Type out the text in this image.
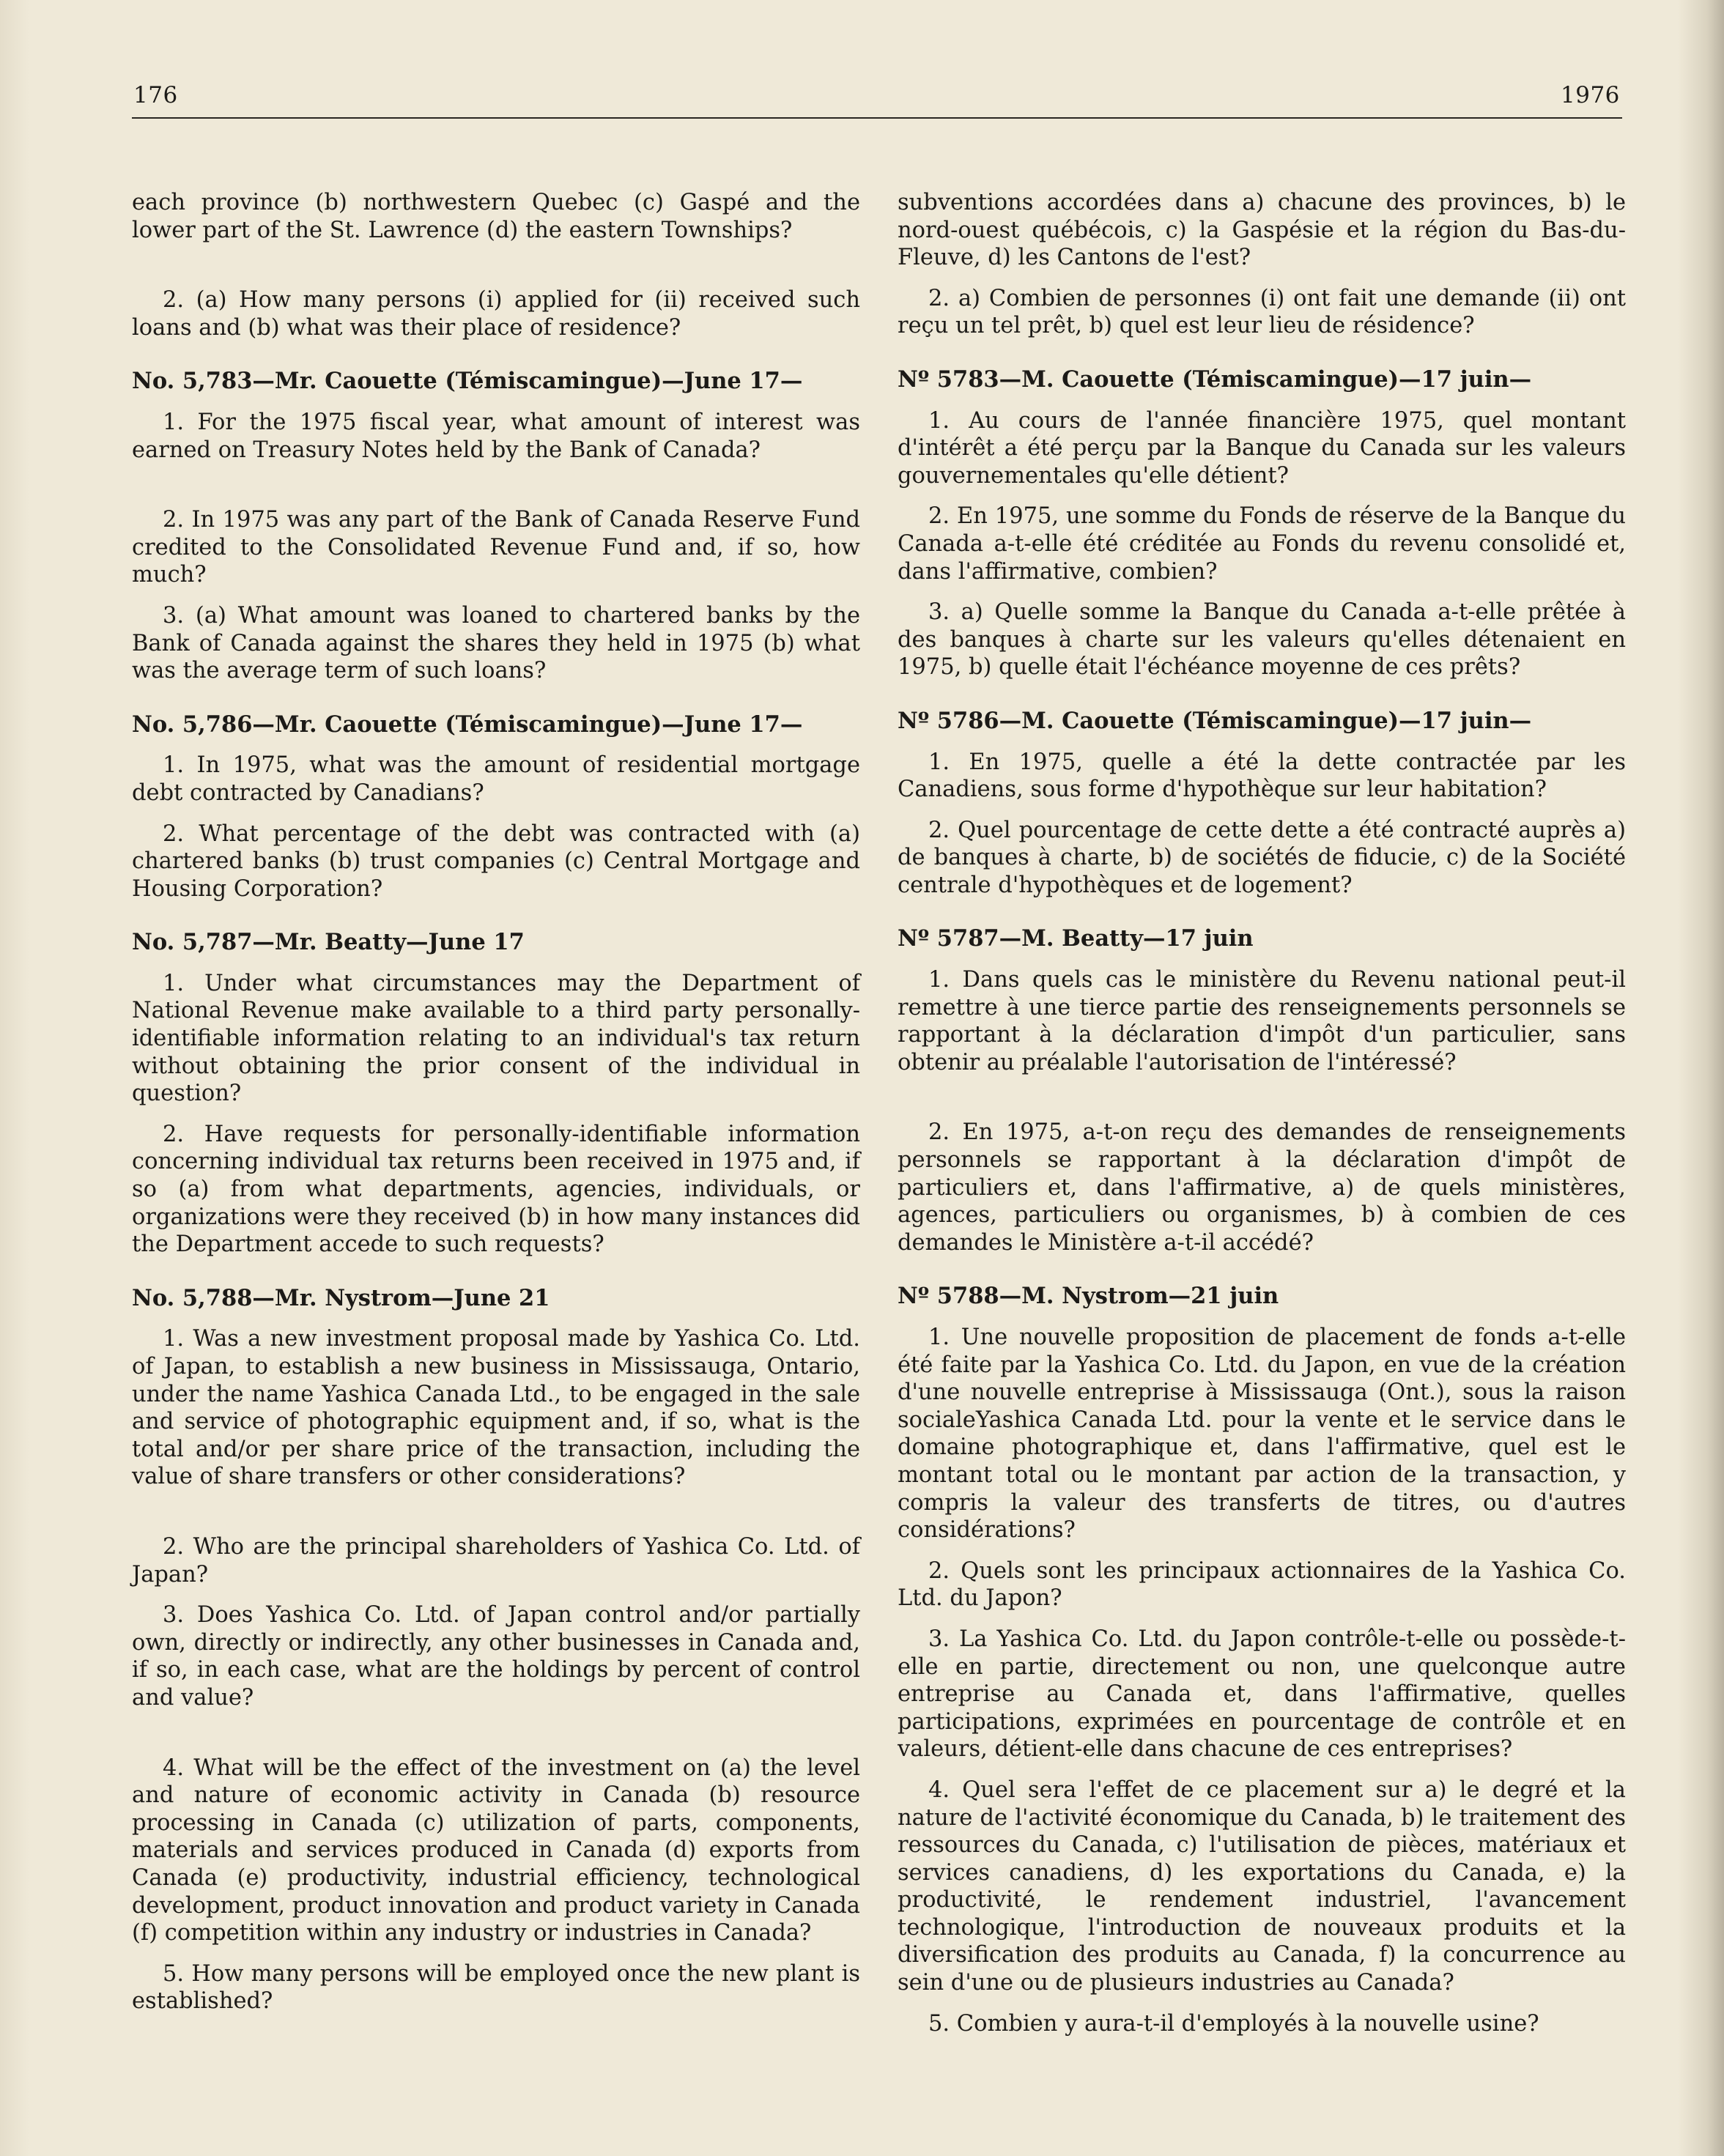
176	1976

each province (b) northwestern Quebec (c) Gaspé and the lower part of the St. Lawrence (d) the eastern Townships?

2. (a) How many persons (i) applied for (ii) received such loans and (b) what was their place of residence?

No. 5,783—Mr. Caouette (Témiscamingue)—June 17—

1. For the 1975 fiscal year, what amount of interest was earned on Treasury Notes held by the Bank of Canada?

2. In 1975 was any part of the Bank of Canada Reserve Fund credited to the Consolidated Revenue Fund and, if so, how much?

3. (a) What amount was loaned to chartered banks by the Bank of Canada against the shares they held in 1975 (b) what was the average term of such loans?

No. 5,786—Mr. Caouette (Témiscamingue)—June 17—

1. In 1975, what was the amount of residential mortgage debt contracted by Canadians?

2. What percentage of the debt was contracted with (a) chartered banks (b) trust companies (c) Central Mortgage and Housing Corporation?

No. 5,787—Mr. Beatty—June 17

1. Under what circumstances may the Department of National Revenue make available to a third party personally-identifiable information relating to an individual's tax return without obtaining the prior consent of the individual in question?

2. Have requests for personally-identifiable information concerning individual tax returns been received in 1975 and, if so (a) from what departments, agencies, individuals, or organizations were they received (b) in how many instances did the Department accede to such requests?

No. 5,788—Mr. Nystrom—June 21

1. Was a new investment proposal made by Yashica Co. Ltd. of Japan, to establish a new business in Mississauga, Ontario, under the name Yashica Canada Ltd., to be engaged in the sale and service of photographic equipment and, if so, what is the total and/or per share price of the transaction, including the value of share transfers or other considerations?

2. Who are the principal shareholders of Yashica Co. Ltd. of Japan?

3. Does Yashica Co. Ltd. of Japan control and/or partially own, directly or indirectly, any other businesses in Canada and, if so, in each case, what are the holdings by percent of control and value?

4. What will be the effect of the investment on (a) the level and nature of economic activity in Canada (b) resource processing in Canada (c) utilization of parts, components, materials and services produced in Canada (d) exports from Canada (e) productivity, industrial efficiency, technological development, product innovation and product variety in Canada (f) competition within any industry or industries in Canada?

5. How many persons will be employed once the new plant is established?

subventions accordées dans a) chacune des provinces, b) le nord-ouest québécois, c) la Gaspésie et la région du Bas-du-Fleuve, d) les Cantons de l'est?

2. a) Combien de personnes (i) ont fait une demande (ii) ont reçu un tel prêt, b) quel est leur lieu de résidence?

Nº 5783—M. Caouette (Témiscamingue)—17 juin—

1. Au cours de l'année financière 1975, quel montant d'intérêt a été perçu par la Banque du Canada sur les valeurs gouvernementales qu'elle détient?

2. En 1975, une somme du Fonds de réserve de la Banque du Canada a-t-elle été créditée au Fonds du revenu consolidé et, dans l'affirmative, combien?

3. a) Quelle somme la Banque du Canada a-t-elle prêtée à des banques à charte sur les valeurs qu'elles détenaient en 1975, b) quelle était l'échéance moyenne de ces prêts?

Nº 5786—M. Caouette (Témiscamingue)—17 juin—

1. En 1975, quelle a été la dette contractée par les Canadiens, sous forme d'hypothèque sur leur habitation?

2. Quel pourcentage de cette dette a été contracté auprès a) de banques à charte, b) de sociétés de fiducie, c) de la Société centrale d'hypothèques et de logement?

Nº 5787—M. Beatty—17 juin

1. Dans quels cas le ministère du Revenu national peut-il remettre à une tierce partie des renseignements personnels se rapportant à la déclaration d'impôt d'un particulier, sans obtenir au préalable l'autorisation de l'intéressé?

2. En 1975, a-t-on reçu des demandes de renseignements personnels se rapportant à la déclaration d'impôt de particuliers et, dans l'affirmative, a) de quels ministères, agences, particuliers ou organismes, b) à combien de ces demandes le Ministère a-t-il accédé?

Nº 5788—M. Nystrom—21 juin

1. Une nouvelle proposition de placement de fonds a-t-elle été faite par la Yashica Co. Ltd. du Japon, en vue de la création d'une nouvelle entreprise à Mississauga (Ont.), sous la raison socialeYashica Canada Ltd. pour la vente et le service dans le domaine photographique et, dans l'affirmative, quel est le montant total ou le montant par action de la transaction, y compris la valeur des transferts de titres, ou d'autres considérations?

2. Quels sont les principaux actionnaires de la Yashica Co. Ltd. du Japon?

3. La Yashica Co. Ltd. du Japon contrôle-t-elle ou possède-t-elle en partie, directement ou non, une quelconque autre entreprise au Canada et, dans l'affirmative, quelles participations, exprimées en pourcentage de contrôle et en valeurs, détient-elle dans chacune de ces entreprises?

4. Quel sera l'effet de ce placement sur a) le degré et la nature de l'activité économique du Canada, b) le traitement des ressources du Canada, c) l'utilisation de pièces, matériaux et services canadiens, d) les exportations du Canada, e) la productivité, le rendement industriel, l'avancement technologique, l'introduction de nouveaux produits et la diversification des produits au Canada, f) la concurrence au sein d'une ou de plusieurs industries au Canada?

5. Combien y aura-t-il d'employés à la nouvelle usine?
